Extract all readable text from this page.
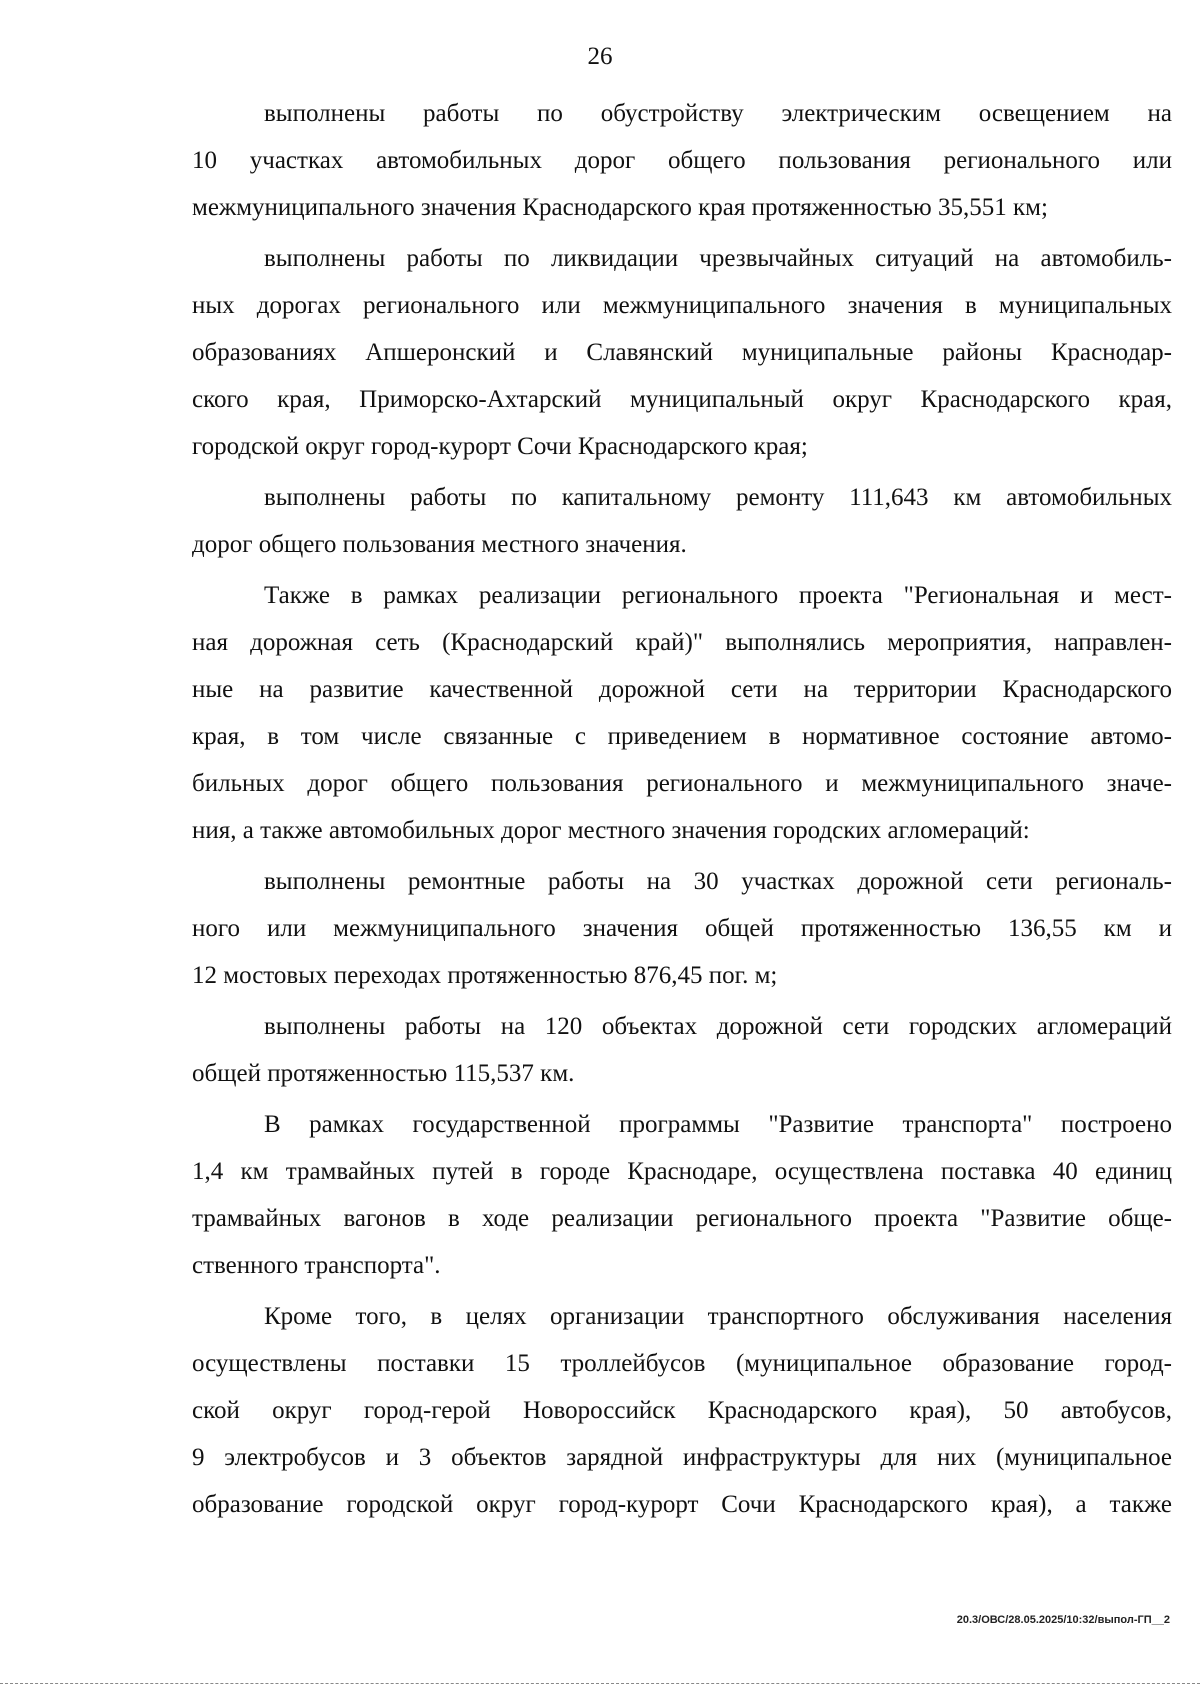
26
выполнены работы по обустройству электрическим освещением на
10 участках автомобильных дорог общего пользования регионального или
межмуниципального значения Краснодарского края протяженностью 35,551 км;
выполнены работы по ликвидации чрезвычайных ситуаций на автомобиль-
ных дорогах регионального или межмуниципального значения в муниципальных
образованиях Апшеронский и Славянский муниципальные районы Краснодар-
ского края, Приморско-Ахтарский муниципальный округ Краснодарского края,
городской округ город-курорт Сочи Краснодарского края;
выполнены работы по капитальному ремонту 111,643 км автомобильных
дорог общего пользования местного значения.
Также в рамках реализации регионального проекта "Региональная и мест-
ная дорожная сеть (Краснодарский край)" выполнялись мероприятия, направлен-
ные на развитие качественной дорожной сети на территории Краснодарского
края, в том числе связанные с приведением в нормативное состояние автомо-
бильных дорог общего пользования регионального и межмуниципального значе-
ния, а также автомобильных дорог местного значения городских агломераций:
выполнены ремонтные работы на 30 участках дорожной сети региональ-
ного или межмуниципального значения общей протяженностью 136,55 км и
12 мостовых переходах протяженностью 876,45 пог. м;
выполнены работы на 120 объектах дорожной сети городских агломераций
общей протяженностью 115,537 км.
В рамках государственной программы "Развитие транспорта" построено
1,4 км трамвайных путей в городе Краснодаре, осуществлена поставка 40 единиц
трамвайных вагонов в ходе реализации регионального проекта "Развитие обще-
ственного транспорта".
Кроме того, в целях организации транспортного обслуживания населения
осуществлены поставки 15 троллейбусов (муниципальное образование город-
ской округ город-герой Новороссийск Краснодарского края), 50 автобусов,
9 электробусов и 3 объектов зарядной инфраструктуры для них (муниципальное
образование городской округ город-курорт Сочи Краснодарского края), а также
20.3/ОВС/28.05.2025/10:32/выпол-ГП__2
